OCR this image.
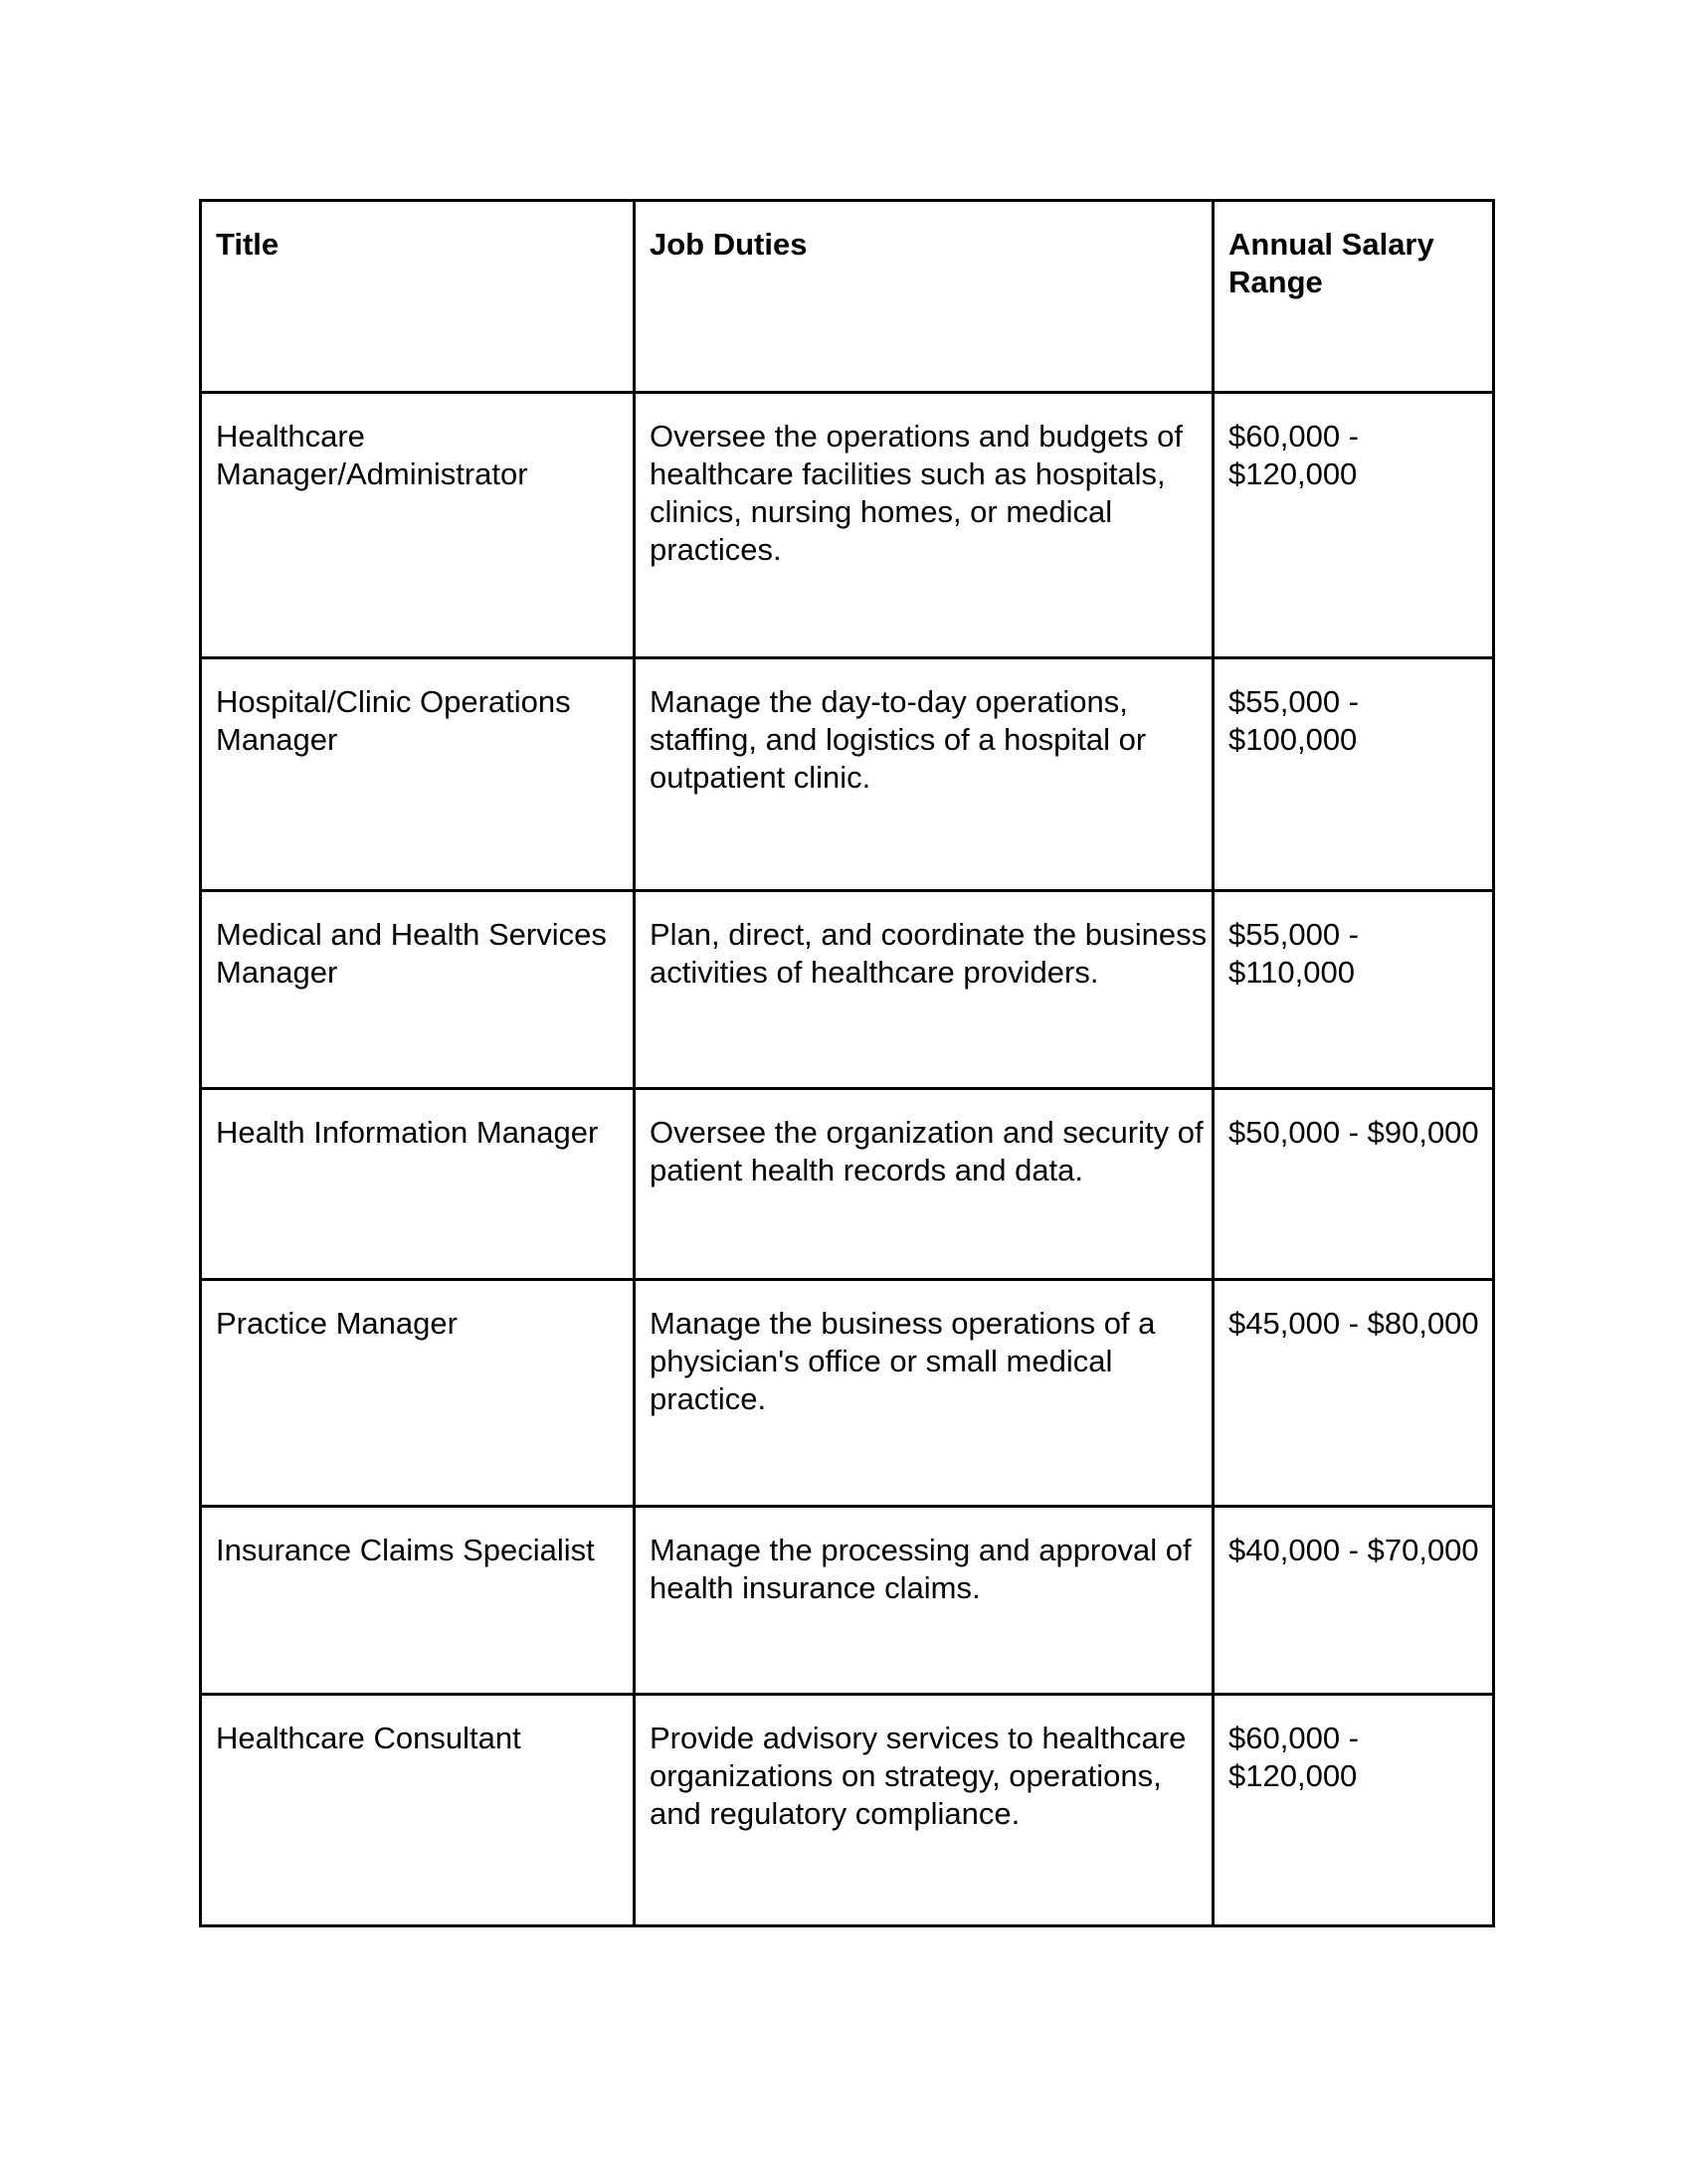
Title	Job Duties	Annual Salary Range
Healthcare Manager/Administrator	Oversee the operations and budgets of healthcare facilities such as hospitals, clinics, nursing homes, or medical practices.	$60,000 - $120,000
Hospital/Clinic Operations Manager	Manage the day-to-day operations, staffing, and logistics of a hospital or outpatient clinic.	$55,000 - $100,000
Medical and Health Services Manager	Plan, direct, and coordinate the business activities of healthcare providers.	$55,000 - $110,000
Health Information Manager	Oversee the organization and security of patient health records and data.	$50,000 - $90,000
Practice Manager	Manage the business operations of a physician's office or small medical practice.	$45,000 - $80,000
Insurance Claims Specialist	Manage the processing and approval of health insurance claims.	$40,000 - $70,000
Healthcare Consultant	Provide advisory services to healthcare organizations on strategy, operations, and regulatory compliance.	$60,000 - $120,000
